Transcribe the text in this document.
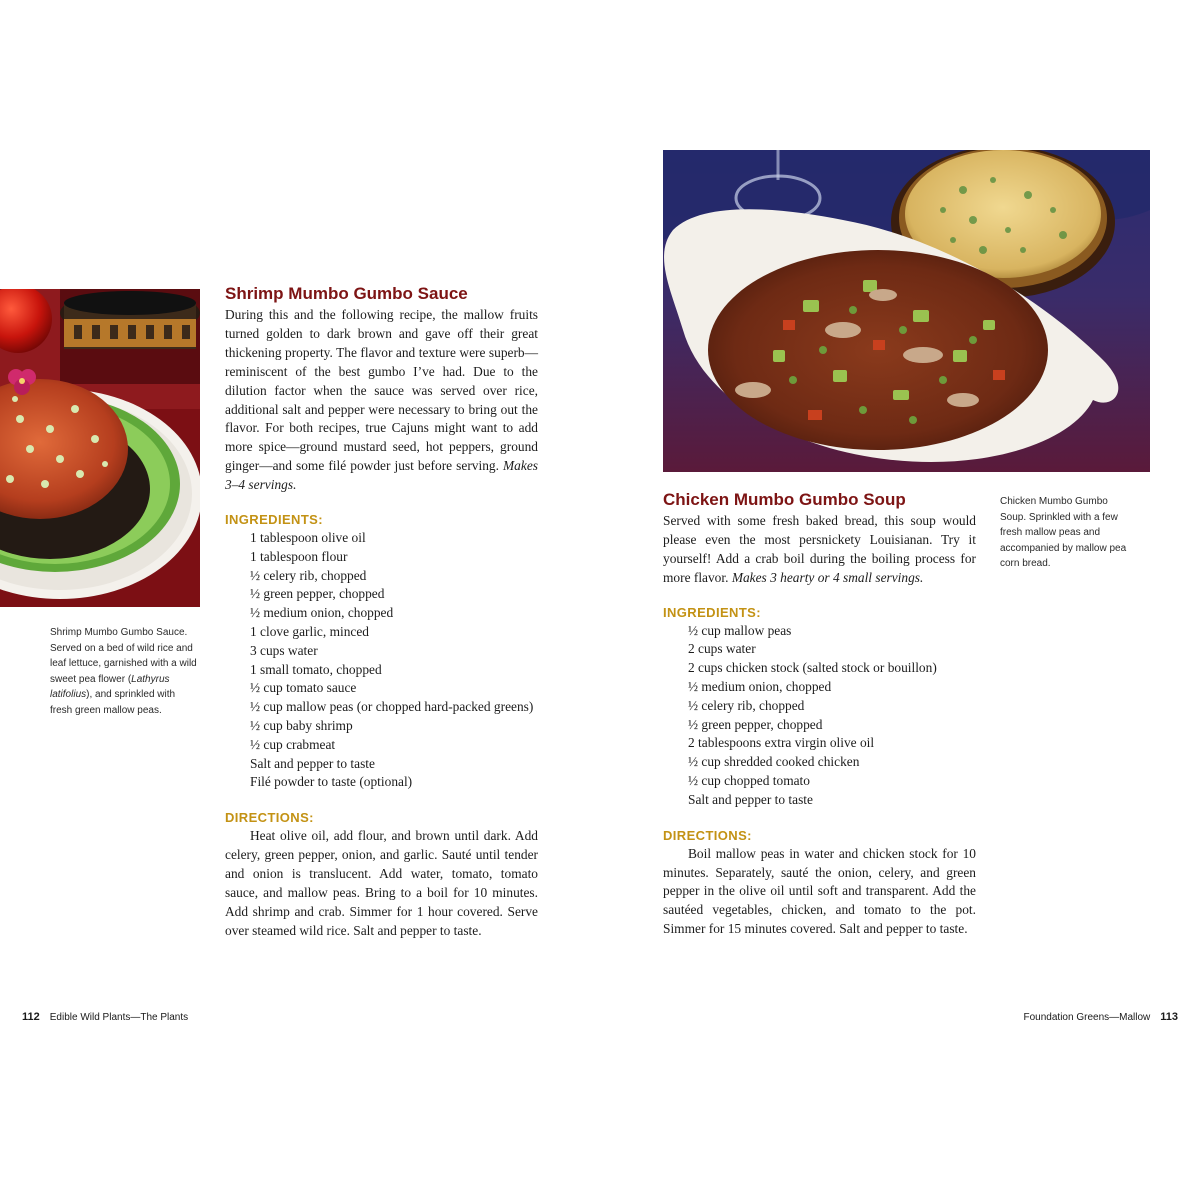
Shrimp Mumbo Gumbo Sauce. Served on a bed of wild rice and leaf lettuce, garnished with a wild sweet pea flower (Lathyrus latifolius), and sprinkled with fresh green mallow peas.

Shrimp Mumbo Gumbo Sauce

During this and the following recipe, the mallow fruits turned golden to dark brown and gave off their great thickening property. The flavor and texture were superb—reminiscent of the best gumbo I’ve had. Due to the dilution factor when the sauce was served over rice, additional salt and pepper were necessary to bring out the flavor. For both recipes, true Cajuns might want to add more spice—ground mustard seed, hot peppers, ground ginger—and some filé powder just before serving. Makes 3–4 servings.

INGREDIENTS:
1 tablespoon olive oil
1 tablespoon flour
½ celery rib, chopped
½ green pepper, chopped
½ medium onion, chopped
1 clove garlic, minced
3 cups water
1 small tomato, chopped
½ cup tomato sauce
½ cup mallow peas (or chopped hard-packed greens)
½ cup baby shrimp
½ cup crabmeat
Salt and pepper to taste
Filé powder to taste (optional)
DIRECTIONS:

Heat olive oil, add flour, and brown until dark. Add celery, green pepper, onion, and garlic. Sauté until tender and onion is translucent. Add water, tomato, tomato sauce, and mallow peas. Bring to a boil for 10 minutes. Add shrimp and crab. Simmer for 1 hour covered. Serve over steamed wild rice. Salt and pepper to taste.

112 Edible Wild Plants—The Plants

Chicken Mumbo Gumbo Soup. Sprinkled with a few fresh mallow peas and accompanied by mallow pea corn bread.

Chicken Mumbo Gumbo Soup

Served with some fresh baked bread, this soup would please even the most persnickety Louisianan. Try it yourself! Add a crab boil during the boiling process for more flavor. Makes 3 hearty or 4 small servings.

INGREDIENTS:
½ cup mallow peas
2 cups water
2 cups chicken stock (salted stock or bouillon)
½ medium onion, chopped
½ celery rib, chopped
½ green pepper, chopped
2 tablespoons extra virgin olive oil
½ cup shredded cooked chicken
½ cup chopped tomato
Salt and pepper to taste
DIRECTIONS:

Boil mallow peas in water and chicken stock for 10 minutes. Separately, sauté the onion, celery, and green pepper in the olive oil until soft and transparent. Add the sautéed vegetables, chicken, and tomato to the pot. Simmer for 15 minutes covered. Salt and pepper to taste.

Foundation Greens—Mallow 113
